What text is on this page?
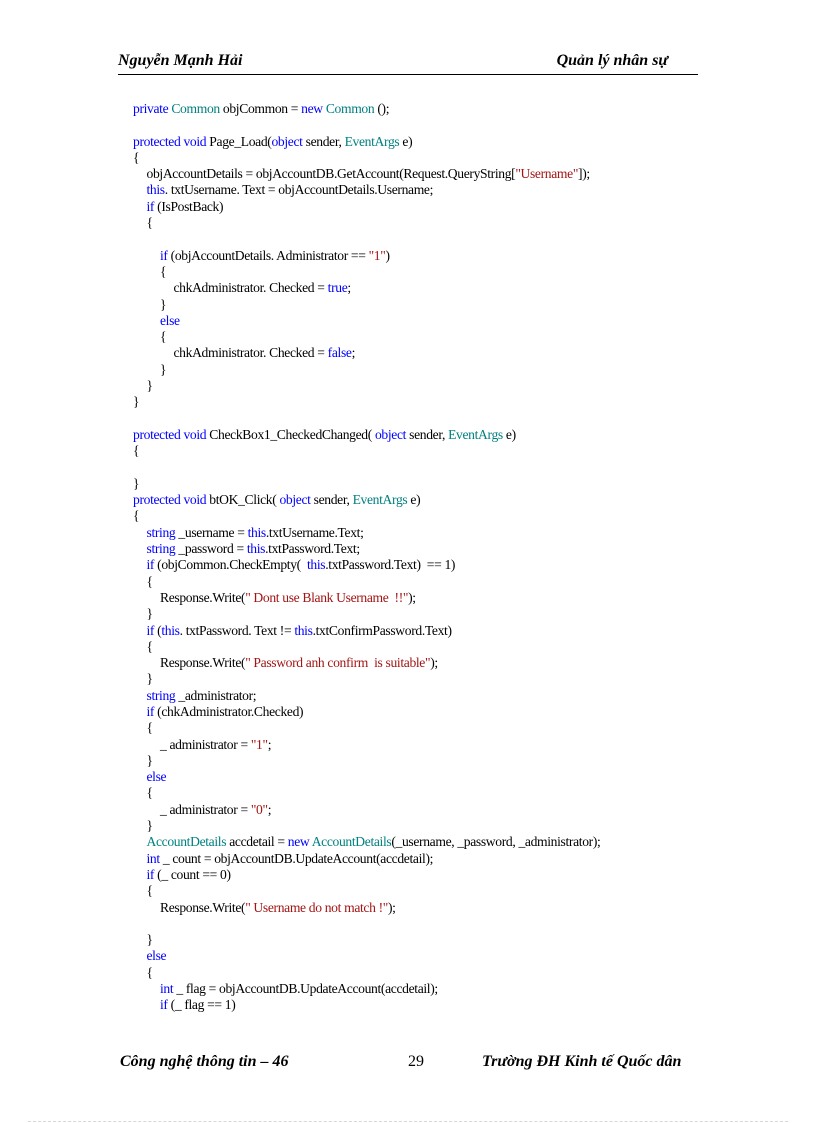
Nguyễn Mạnh Hải	Quản lý nhân sự
private Common objCommon = new Common ();
protected void Page_Load(object sender, EventArgs e)
{
objAccountDetails = objAccountDB.GetAccount(Request.QueryString["Username"]);
this. txtUsername. Text = objAccountDetails.Username;
if (IsPostBack)
{
if (objAccountDetails. Administrator == "1")
{
chkAdministrator. Checked = true;
}
else
{
chkAdministrator. Checked = false;
}
}
}
protected void CheckBox1_CheckedChanged( object sender, EventArgs e)
{
}
protected void btOK_Click( object sender, EventArgs e)
{
string _username = this.txtUsername.Text;
string _password = this.txtPassword.Text;
if (objCommon.CheckEmpty(  this.txtPassword.Text)  == 1)
{
Response.Write(" Dont use Blank Username  !!");
}
if (this. txtPassword. Text != this.txtConfirmPassword.Text)
{
Response.Write(" Password anh confirm  is suitable");
}
string _administrator;
if (chkAdministrator.Checked)
{
_ administrator = "1";
}
else
{
_ administrator = "0";
}
AccountDetails accdetail = new AccountDetails(_username, _password, _administrator);
int _ count = objAccountDB.UpdateAccount(accdetail);
if (_ count == 0)
{
Response.Write(" Username do not match !");
}
else
{
int _ flag = objAccountDB.UpdateAccount(accdetail);
if (_ flag == 1)
Công nghệ thông tin – 46	29	Trường ĐH Kinh tế Quốc dân
